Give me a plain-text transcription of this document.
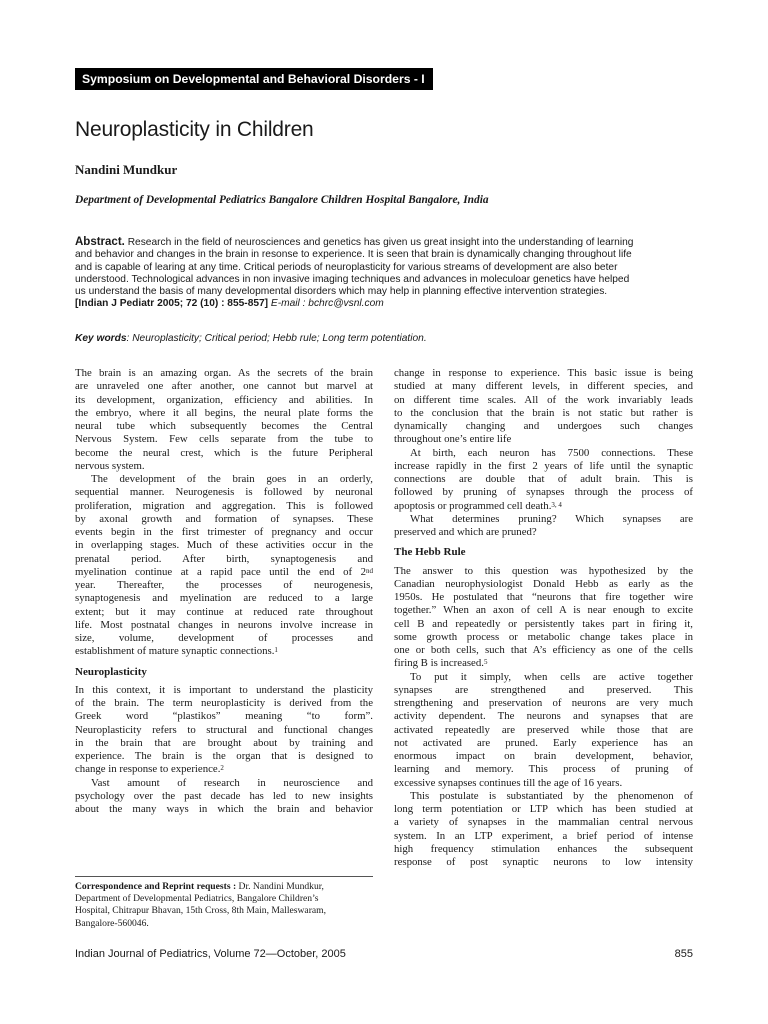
Symposium on Developmental and Behavioral Disorders - I
Neuroplasticity in Children
Nandini Mundkur
Department of Developmental Pediatrics Bangalore Children Hospital Bangalore, India
Abstract. Research in the field of neurosciences and genetics has given us great insight into the understanding of learning
and behavior and changes in the brain in resonse to experience. It is seen that brain is dynamically changing throughout life
and is capable of learing at any time. Critical periods of neuroplasticity for various streams of development are also beter
understood. Technological advances in non invasive imaging techniques and advances in moleculoar genetics have helped
us understand the basis of many developmental disorders which may help in planning effective intervention strategies.
[Indian J Pediatr 2005; 72 (10) : 855-857] E-mail : bchrc@vsnl.com
Key words: Neuroplasticity; Critical period; Hebb rule; Long term potentiation.
The brain is an amazing organ. As the secrets of the brain
are unraveled one after another, one cannot but marvel at
its development, organization, efficiency and abilities. In
the embryo, where it all begins, the neural plate forms the
neural tube which subsequently becomes the Central
Nervous System. Few cells separate from the tube to
become the neural crest, which is the future Peripheral
nervous system.
The development of the brain goes in an orderly,
sequential manner. Neurogenesis is followed by neuronal
proliferation, migration and aggregation. This is followed
by axonal growth and formation of synapses. These
events begin in the first trimester of pregnancy and occur
in overlapping stages. Much of these activities occur in the
prenatal period. After birth, synaptogenesis and
myelination continue at a rapid pace until the end of 2nd
year. Thereafter, the processes of neurogenesis,
synaptogenesis and myelination are reduced to a large
extent; but it may continue at reduced rate throughout
life. Most postnatal changes in neurons involve increase in
size, volume, development of processes and
establishment of mature synaptic connections.$^1$
Neuroplasticity
In this context, it is important to understand the plasticity
of the brain. The term neuroplasticity is derived from the
Greek word “plastikos” meaning “to form”.
Neuroplasticity refers to structural and functional changes
in the brain that are brought about by training and
experience. The brain is the organ that is designed to
change in response to experience.$^2$
Vast amount of research in neuroscience and
psychology over the past decade has led to new insights
about the many ways in which the brain and behavior
Correspondence and Reprint requests : Dr. Nandini Mundkur,
Department of Developmental Pediatrics, Bangalore Children’s
Hospital, Chitrapur Bhavan, 15th Cross, 8th Main, Malleswaram,
Bangalore-560046.
change in response to experience. This basic issue is being
studied at many different levels, in different species, and
on different time scales. All of the work invariably leads
to the conclusion that the brain is not static but rather is
dynamically changing and undergoes such changes
throughout one’s entire life
At birth, each neuron has 7500 connections. These
increase rapidly in the first 2 years of life until the synaptic
connections are double that of adult brain. This is
followed by pruning of synapses through the process of
apoptosis or programmed cell death.$^{3, 4}$
What determines pruning? Which synapses are
preserved and which are pruned?
The Hebb Rule
The answer to this question was hypothesized by the
Canadian neurophysiologist Donald Hebb as early as the
1950s. He postulated that “neurons that fire together wire
together.” When an axon of cell A is near enough to excite
cell B and repeatedly or persistently takes part in firing it,
some growth process or metabolic change takes place in
one or both cells, such that A’s efficiency as one of the cells
firing B is increased.$^5$
To put it simply, when cells are active together
synapses are strengthened and preserved. This
strengthening and preservation of neurons are very much
activity dependent. The neurons and synapses that are
activated repeatedly are preserved while those that are
not activated are pruned. Early experience has an
enormous impact on brain development, behavior,
learning and memory. This process of pruning of
excessive synapses continues till the age of 16 years.
This postulate is substantiated by the phenomenon of
long term potentiation or LTP which has been studied at
a variety of synapses in the mammalian central nervous
system. In an LTP experiment, a brief period of intense
high frequency stimulation enhances the subsequent
response of post synaptic neurons to low intensity
Indian Journal of Pediatrics, Volume 72—October, 2005	855
